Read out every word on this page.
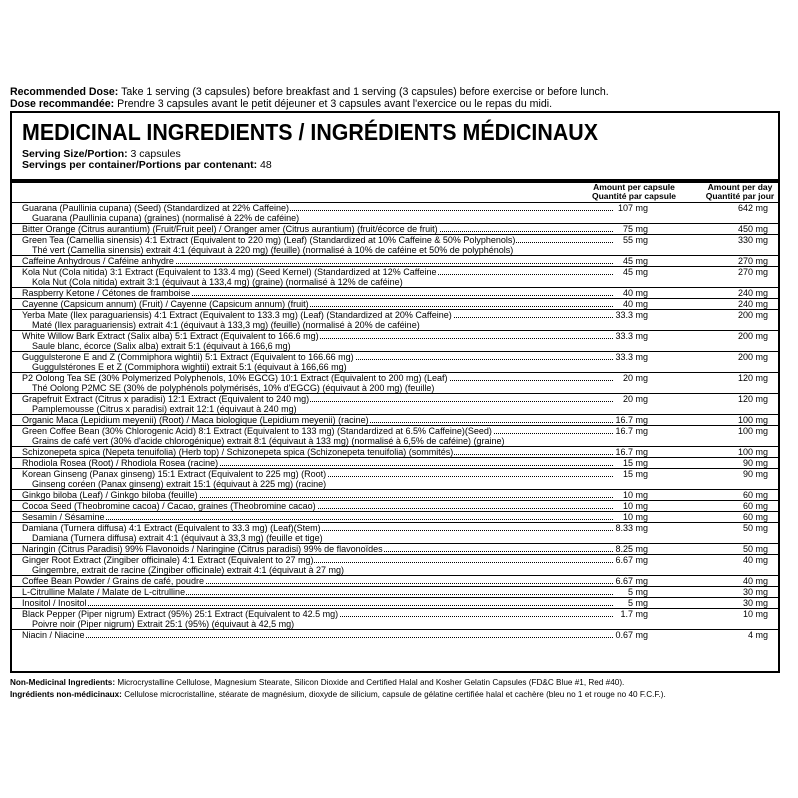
Recommended Dose: Take 1 serving (3 capsules) before breakfast and 1 serving (3 capsules) before exercise or before lunch.
Dose recommandée: Prendre 3 capsules avant le petit déjeuner et 3 capsules avant l'exercice ou le repas du midi.
MEDICINAL INGREDIENTS / INGRÉDIENTS MÉDICINAUX
Serving Size/Portion: 3 capsules
Servings per container/Portions par contenant: 48
Amount per capsule
Quantité par capsule
Amount per day
Quantité par jour
Guarana (Paullinia cupana) (Seed) (Standardized at 22% Caffeine)	107 mg	642 mg
Guarana (Paullinia cupana) (graines) (normalisé à 22% de caféine)
Bitter Orange (Citrus aurantium) (Fruit/Fruit peel) / Oranger amer (Citrus aurantium) (fruit/écorce de fruit)	75 mg	450 mg
Green Tea (Camellia sinensis) 4:1 Extract (Equivalent to 220 mg) (Leaf) (Standardized at 10% Caffeine & 50% Polyphenols)	55 mg	330 mg
Thé vert (Camellia sinensis) extrait 4:1 (équivaut à 220 mg) (feuille) (normalisé à 10% de caféine et 50% de polyphénols)
Caffeine Anhydrous / Caféine anhydre	45 mg	270 mg
Kola Nut (Cola nitida) 3:1 Extract (Equivalent to 133.4 mg) (Seed Kernel) (Standardized at 12% Caffeine	45 mg	270 mg
Kola Nut (Cola nitida) extrait 3:1 (équivaut à 133,4 mg) (graine) (normalisé à 12% de caféine)
Raspberry Ketone / Cétones de framboise	40 mg	240 mg
Cayenne (Capsicum annum) (Fruit) / Cayenne (Capsicum annum) (fruit)	40 mg	240 mg
Yerba Mate (Ilex paraguariensis) 4:1 Extract (Equivalent to 133.3 mg) (Leaf) (Standardized at 20% Caffeine)	33.3 mg	200 mg
Maté (Ilex paraguariensis) extrait 4:1 (équivaut à 133,3 mg) (feuille) (normalisé à 20% de caféine)
White Willow Bark Extract (Salix alba) 5:1 Extract (Equivalent to 166.6 mg)	33.3 mg	200 mg
Saule blanc, écorce (Salix alba) extrait 5:1 (équivaut à 166,6 mg)
Guggulsterone E and Z (Commiphora wightii) 5:1 Extract (Equivalent to 166.66 mg)	33.3 mg	200 mg
Guggulstérones E et Z (Commiphora wightii) extrait 5:1 (équivaut à 166,66 mg)
P2 Oolong Tea SE (30% Polymerized Polyphenols, 10% EGCG) 10:1 Extract (Equivalent to 200 mg) (Leaf)	20 mg	120 mg
Thé Oolong P2MC SE (30% de polyphénols polymérisés, 10% d'EGCG) (équivaut à 200 mg) (feuille)
Grapefruit Extract (Citrus x paradisi) 12:1 Extract (Equivalent to 240 mg)	20 mg	120 mg
Pamplemousse (Citrus x paradisi) extrait 12:1 (équivaut à 240 mg)
Organic Maca (Lepidium meyenii) (Root) / Maca biologique (Lepidium meyenii) (racine)	16.7 mg	100 mg
Green Coffee Bean (30% Chlorogenic Acid) 8:1 Extract (Equivalent to 133 mg) (Standardized at 6.5% Caffeine)(Seed)	16.7 mg	100 mg
Grains de café vert (30% d'acide chlorogénique) extrait 8:1 (équivaut à 133 mg) (normalisé à 6,5% de caféine) (graine)
Schizonepeta spica (Nepeta tenuifolia) (Herb top) / Schizonepeta spica (Schizonepeta tenuifolia) (sommités)	16.7 mg	100 mg
Rhodiola Rosea (Root) / Rhodiola Rosea (racine)	15 mg	90 mg
Korean Ginseng (Panax ginseng) 15:1 Extract (Equivalent to 225 mg) (Root)	15 mg	90 mg
Ginseng coréen (Panax ginseng) extrait 15:1 (équivaut à 225 mg) (racine)
Ginkgo biloba (Leaf) / Ginkgo biloba (feuille)	10 mg	60 mg
Cocoa Seed (Theobromine cacoa) / Cacao, graines (Theobromine cacao)	10 mg	60 mg
Sesamin / Sésamine	10 mg	60 mg
Damiana (Turnera diffusa) 4:1 Extract (Equivalent to 33.3 mg) (Leaf)(Stem)	8.33 mg	50 mg
Damiana (Turnera diffusa) extrait 4:1 (équivaut à 33,3 mg) (feuille et tige)
Naringin (Citrus Paradisi) 99% Flavonoids / Naringine (Citrus paradisi) 99% de flavonoïdes	8.25 mg	50 mg
Ginger Root Extract (Zingiber officinale) 4:1 Extract (Equivalent to 27 mg)	6.67 mg	40 mg
Gingembre, extrait de racine (Zingiber officinale) extrait 4:1 (équivaut à 27 mg)
Coffee Bean Powder / Grains de café, poudre	6.67 mg	40 mg
L-Citrulline Malate / Malate de L-citrulline	5 mg	30 mg
Inositol / Inositol	5 mg	30 mg
Black Pepper (Piper nigrum) Extract (95%) 25:1 Extract (Equivalent to 42.5 mg)	1.7 mg	10 mg
Poivre noir (Piper nigrum) Extrait 25:1 (95%) (équivaut à 42,5 mg)
Niacin / Niacine	0.67 mg	4 mg
Non-Medicinal Ingredients: Microcrystalline Cellulose, Magnesium Stearate, Silicon Dioxide and Certified Halal and Kosher Gelatin Capsules (FD&C Blue #1, Red #40).
Ingrédients non-médicinaux: Cellulose microcristalline, stéarate de magnésium, dioxyde de silicium, capsule de gélatine certifiée halal et cachère (bleu no 1 et rouge no 40 F.C.F.).
